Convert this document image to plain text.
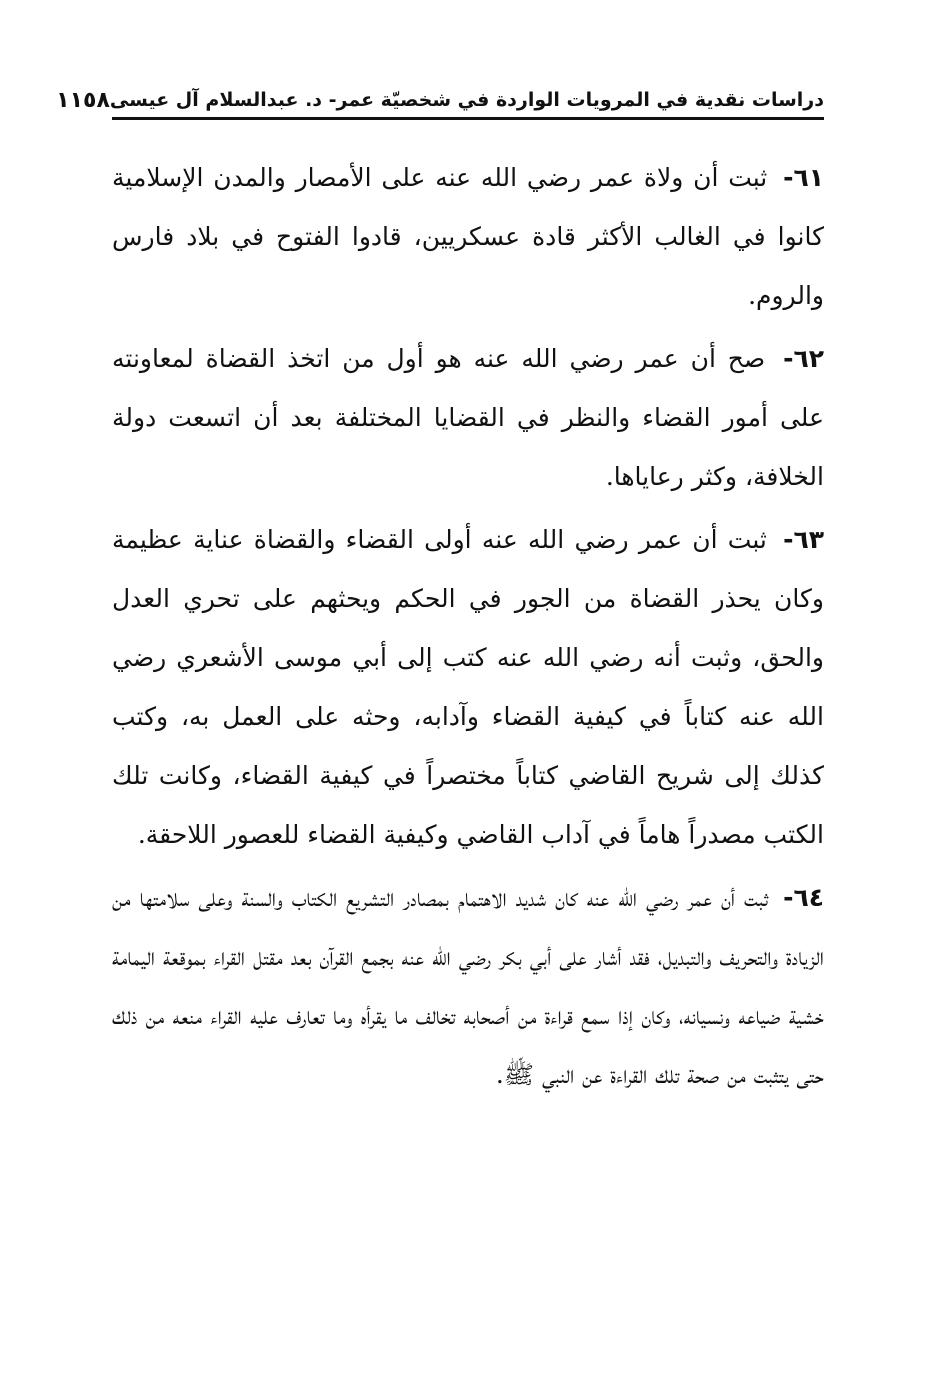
دراسات نقدية في المرويات الواردة في شخصيّة عمر- د. عبدالسلام آل عيسى
١١٥٨

٦١- ثبت أن ولاة عمر رضي الله عنه على الأمصار والمدن الإسلامية كانوا في الغالب الأكثر قادة عسكريين، قادوا الفتوح في بلاد فارس والروم.

٦٢- صح أن عمر رضي الله عنه هو أول من اتخذ القضاة لمعاونته على أمور القضاء والنظر في القضايا المختلفة بعد أن اتسعت دولة الخلافة، وكثر رعاياها.

٦٣- ثبت أن عمر رضي الله عنه أولى القضاء والقضاة عناية عظيمة وكان يحذر القضاة من الجور في الحكم ويحثهم على تحري العدل والحق، وثبت أنه رضي الله عنه كتب إلى أبي موسى الأشعري رضي الله عنه كتاباً في كيفية القضاء وآدابه، وحثه على العمل به، وكتب كذلك إلى شريح القاضي كتاباً مختصراً في كيفية القضاء، وكانت تلك الكتب مصدراً هاماً في آداب القاضي وكيفية القضاء للعصور اللاحقة.

٦٤- ثبت أن عمر رضي الله عنه كان شديد الاهتمام بمصادر التشريع الكتاب والسنة وعلى سلامتها من الزيادة والتحريف والتبديل، فقد أشار على أبي بكر رضي الله عنه بجمع القرآن بعد مقتل القراء بموقعة اليمامة خشية ضياعه ونسيانه، وكان إذا سمع قراءة من أصحابه تخالف ما يقرأه وما تعارف عليه القراء منعه من ذلك حتى يتثبت من صحة تلك القراءة عن النبي ﷺ.
